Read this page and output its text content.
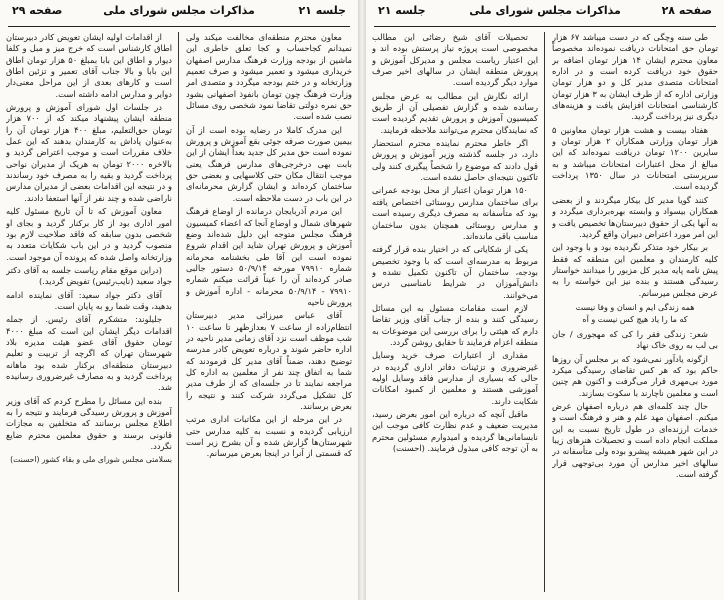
جلسه ۲۱
مذاکرات مجلس شورای ملی
صفحه ۲۹

معاون محترم منطقه‌ای مخالفت میکند ولی نمیدانم کجاحساب و کجا تعلق خاطری این ماشین از بودجه وزارت فرهنگ مدارس اصفهان خریداری میشود و تعمیر میشود و صرف تعمیم وزارتخانه و در ختم بودجه میگردد و متصدی امر وزارت فرهنگ چون تومان بانفوذ اصفهانی بشود حق نمره دولتی تقاضا نمود شخصی روی مسائل نصب شده است.

این مدرک کاملا در رضایه بوده است از آن بیمین صورت صرفه جوئی بقع آموزش و پرورش نموده است حق مدیر کل جدید بعداً ایشان از این بابت بهی درخرجی‌های مدارس فرهنگ یعنی موجب انتقال مکان حتی کلاسهایی و بعضی حق ساختمان کرده‌اند و ایشان گزارش محرمانه‌ای در این باب در دست ملاحظه است.

این مردم آذربایجان درمانده از اوضاع فرهنگ شهرهای شمال و اوضاع آنجا که اعضاء کمیسیون فرهنگ مجلس متوجه این دلیل شده‌اند وضع آموزش و پرورش تهران شاید این اقدام شروع نموده است این آقا طی بخشنامه محرمانه شماره ۷۹۹۱۰ مورخه ۵۰/۹/۱۴ دستور جالبی صادر کرده‌اند آن را عیناً قرائت میکنم شماره ۷۹۹۱۰ - ۵۰/۹/۱۴ محرمانه - اداره آموزش و پرورش ناحیه

آقای عباس میرزائی مدیر دبیرستان انتظام‌زاده از ساعت ۷ بعدازظهر تا ساعت ۱۰ شب موظف است نزد آقای زمانی مدیر ناحیه در اداره حاضر شوند و درباره تعویض کادر مدرسه توضیح دهند، ضمناً آقای مدیر کل فرمودند که شما به اتفاق چند نفر از معلمین به اداره کل مراجعه نمایند تا در جلسه‌ای که از طرف مدیر کل تشکیل می‌گردد شرکت کنند و نتیجه را بعرض برسانند.

در این مرحله از این مکاتبات اداری مرتب ارزیابی گردیده و نسبت به کلیه مدارس حتی شهرستان‌ها گزارش شده و آن بشرح زیر است که قسمتی از آنرا در اینجا بعرض میرسانم.

از اقدامات اولیه ایشان تعویض کادر دبیرستان اطاق کارشناس است که خرج میز و مبل و کلفا دیوار و اطاق این بابا بمبلغ ۵۰ هزار تومان اطاق این بابا و بالا جناب آقای تعمیر و تزئین اطاق است و کارهای بعدی از این مراحل معنی‌دار دوایر و مدارس ادامه داشته است.

در جلسات اول شورای آموزش و پرورش منطقه ایشان پیشنهاد میکند که از ۷۰۰ هزار تومان حق‌التعلیم، مبلغ ۴۰۰ هزار تومان آن را به‌عنوان پاداش به کارمندان بدهند که این عمل خلاف مقررات است و موجب اعتراض گردید و بالاخره ۲۰۰۰ تومان به هریک از مدیران نواحی پرداخت گردید و بقیه را به مصرف خود رساندند و در نتیجه این اقدامات بعضی از مدیران مدارس ناراضی شده و چند نفر از آنها استعفا دادند.

معاون آموزش که تا آن تاریخ مسئول کلیه امور اداری بود از کار برکنار گردید و بجای او شخصی بدون سابقه که فاقد صلاحیت لازم بود منصوب گردید و در این باب شکایات متعدد به وزارتخانه واصل شده که پرونده آن موجود است.

(دراین موقع مقام ریاست جلسه به آقای دکتر جواد سعید (نایب‌رئیس) تفویض گردید.)

آقای دکتر جواد سعید: آقای نماینده ادامه بدهید، وقت شما رو به پایان است.

جلیلوند: متشکرم آقای رئیس. از جمله اقدامات دیگر ایشان این است که مبلغ ۴۰۰۰ تومان حقوق آقای عضو هیئت مدیره بلاد شهرستان تهران که اگرچه از تربیت و تعلیم دبیرستان منطقه‌ای برکنار شده بود ماهانه پرداخت گردید و به مصارف غیرضروری رسانیده شد.

بنده این مسائل را مطرح کردم که آقای وزیر آموزش و پرورش رسیدگی فرمایند و نتیجه را به اطلاع مجلس برسانند که متخلفین به مجازات قانونی برسند و حقوق معلمین محترم ضایع نگردد.

بسلامتی مجلس شورای ملی و بقاء کشور (احسنت)

صفحه ۲۸
مذاکرات مجلس شورای ملی
جلسه ۲۱

طی سنه وچگی که در دست میباشد ۶۷ هزار تومان حق امتحانات دریافت نموده‌اند مخصوصاً معاون محترم ایشان ۱۴ هزار تومان اضافه بر حقوق خود دریافت کرده است و در اداره امتحانات متصدی مدیر کل و دو هزار تومان وزارتی اداره که از طرف ایشان به ۳ هزار تومان کارشناسی امتحانات افزایش یافت و هزینه‌های دیگری نیز پرداخت گردید.

هفتاد بیست و هشت هزار تومان معاونین ۵ هزار تومان وزارتی همکاران ۲ هزار تومان و سایرین ۱۲۰۰ تومان دریافت نموده‌اند که این مبالغ از محل اعتبارات امتحانات میباشد و به سرپرستی امتحانات در سال ۱۳۵۰ پرداخت گردیده است.

کنند گویا مدیر کل بیکار میگردند و از بعضی همکاران بیسواد و وابسته بهره‌برداری میگردد و به آنها یکی از حقوق دبیرستان‌ها تخصیص یافت و این امر مورد اعتراض دبیران واقع گردید.

بر بیکار خود متذکر نگردیده بود و با وجود این کلیه کارمندان و معلمین این منطقه که فقط پیش نامه پایه مدیر کل مزبور را میدانند خواستار رسیدگی هستند و بنده نیز این خواسته را به عرض مجلس میرسانم.

همه زندگی ایم و انسان و وفا نیست
که ما را یاد هیچ کس نیست و آه

شعر: زندگی فقر را کی که مهجوری / جان بی لب به روی خاک نهاد

ازگونه یادآور نمی‌شود که بر مجلس آن روزها حاکم بود که هر کس تقاضای رسیدگی میکرد مورد بی‌مهری قرار می‌گرفت و اکنون هم چنین است و معلمین ناچارند با سکوت بسازند.

حال چند کلمه‌ای هم درباره اصفهان عرض میکنم. اصفهان مهد علم و هنر و فرهنگ است و خدمات ارزنده‌ای در طول تاریخ نسبت به این مملکت انجام داده است و تحصیلات هنرهای زیبا در این شهر همیشه پیشرو بوده ولی متأسفانه در سالهای اخیر مدارس آن مورد بی‌توجهی قرار گرفته است.

تحصیلات آقای شیخ رضائی این مطالب مخصوصی است پروژه نیاز پرستش بوده اند و این اعتبار ریاست مجلس و مدیرکل آموزش و پرورش منطقه ایشان در سالهای اخیر صرف موارد دیگر گردیده است.

ارائه نگارش این مطالب به عرض مجلس رسانده شده و گزارش تفصیلی آن از طریق کمیسیون آموزش و پرورش تقدیم گردیده است که نمایندگان محترم می‌توانند ملاحظه فرمایند.

اگر خاطر محترم نماینده محترم استحضار دارد، در جلسه گذشته وزیر آموزش و پرورش قول دادند که موضوع را شخصاً پیگیری کنند ولی تاکنون نتیجه‌ای حاصل نشده است.

۱۵۰ هزار تومان اعتبار از محل بودجه عمرانی برای ساختمان مدارس روستائی اختصاص یافته بود که متأسفانه به مصرف دیگری رسیده است و مدارس روستائی همچنان بدون ساختمان مناسب باقی مانده‌اند.

یکی از شکایاتی که در اختیار بنده قرار گرفته مربوط به مدرسه‌ای است که با وجود تخصیص بودجه، ساختمان آن تاکنون تکمیل نشده و دانش‌آموزان در شرایط نامناسبی درس می‌خوانند.

لازم است مقامات مسئول به این مسائل رسیدگی کنند و بنده از جناب آقای وزیر تقاضا دارم که هیئتی را برای بررسی این موضوعات به منطقه اعزام فرمایند تا حقایق روشن گردد.

مقداری از اعتبارات صرف خرید وسایل غیرضروری و تزئینات دفاتر اداری گردیده در حالی که بسیاری از مدارس فاقد وسایل اولیه آموزشی هستند و معلمین از کمبود امکانات شکایت دارند.

ماقبل آنچه که درباره این امور بعرض رسید، مدیریت ضعیف و عدم نظارت کافی موجب این نابسامانی‌ها گردیده و امیدوارم مسئولین محترم به آن توجه کافی مبذول فرمایند. (احسنت)
